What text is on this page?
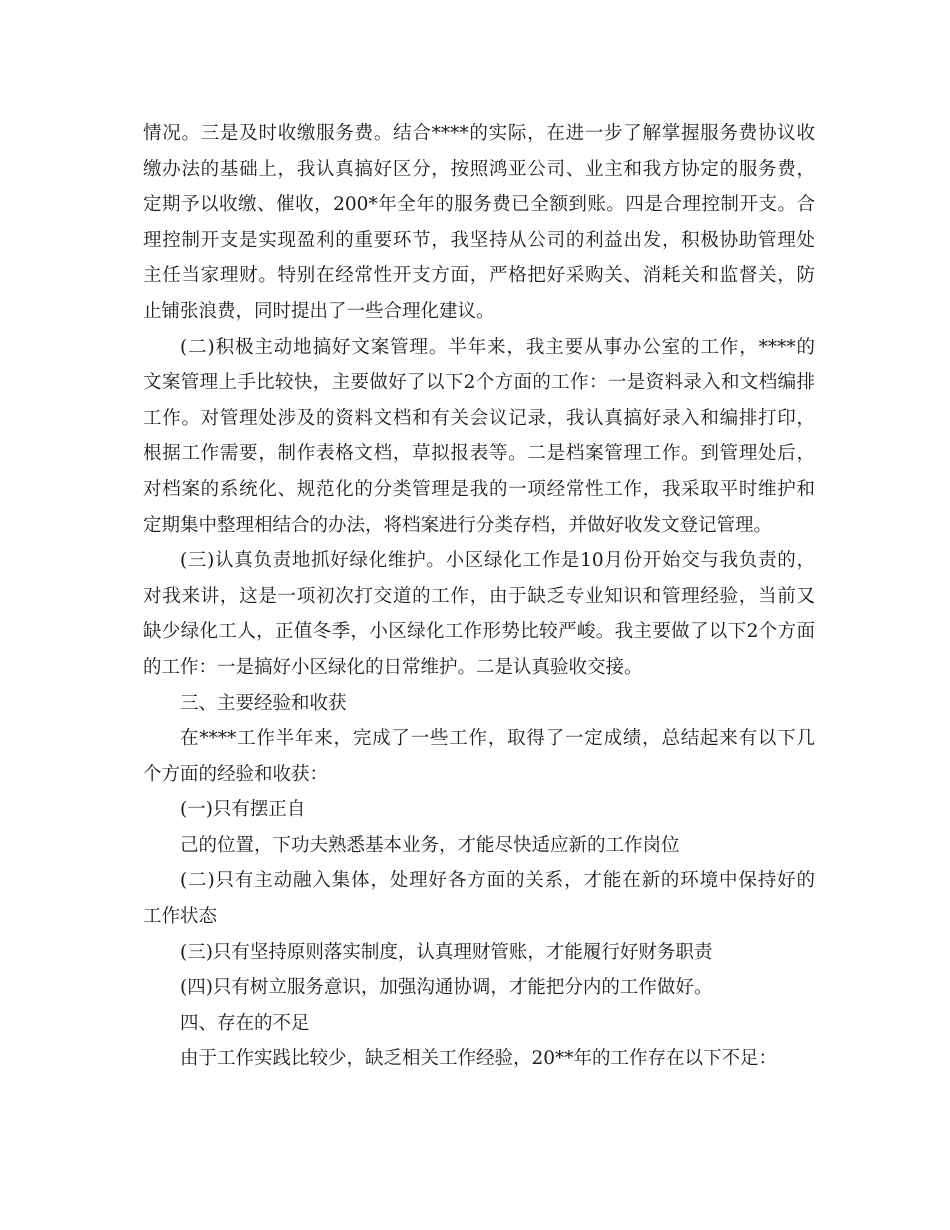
情况。三是及时收缴服务费。结合****的实际，在进一步了解掌握服务费协议收
缴办法的基础上，我认真搞好区分，按照鸿亚公司、业主和我方协定的服务费，
定期予以收缴、催收，200*年全年的服务费已全额到账。四是合理控制开支。合
理控制开支是实现盈利的重要环节，我坚持从公司的利益出发，积极协助管理处
主任当家理财。特别在经常性开支方面，严格把好采购关、消耗关和监督关，防
止铺张浪费，同时提出了一些合理化建议。
(二)积极主动地搞好文案管理。半年来，我主要从事办公室的工作，****的
文案管理上手比较快，主要做好了以下2个方面的工作：一是资料录入和文档编排
工作。对管理处涉及的资料文档和有关会议记录，我认真搞好录入和编排打印，
根据工作需要，制作表格文档，草拟报表等。二是档案管理工作。到管理处后，
对档案的系统化、规范化的分类管理是我的一项经常性工作，我采取平时维护和
定期集中整理相结合的办法，将档案进行分类存档，并做好收发文登记管理。
(三)认真负责地抓好绿化维护。小区绿化工作是10月份开始交与我负责的，
对我来讲，这是一项初次打交道的工作，由于缺乏专业知识和管理经验，当前又
缺少绿化工人，正值冬季，小区绿化工作形势比较严峻。我主要做了以下2个方面
的工作：一是搞好小区绿化的日常维护。二是认真验收交接。
三、主要经验和收获
在****工作半年来，完成了一些工作，取得了一定成绩，总结起来有以下几
个方面的经验和收获：
(一)只有摆正自
己的位置，下功夫熟悉基本业务，才能尽快适应新的工作岗位
(二)只有主动融入集体，处理好各方面的关系，才能在新的环境中保持好的
工作状态
(三)只有坚持原则落实制度，认真理财管账，才能履行好财务职责
(四)只有树立服务意识，加强沟通协调，才能把分内的工作做好。
四、存在的不足
由于工作实践比较少，缺乏相关工作经验，20**年的工作存在以下不足：
